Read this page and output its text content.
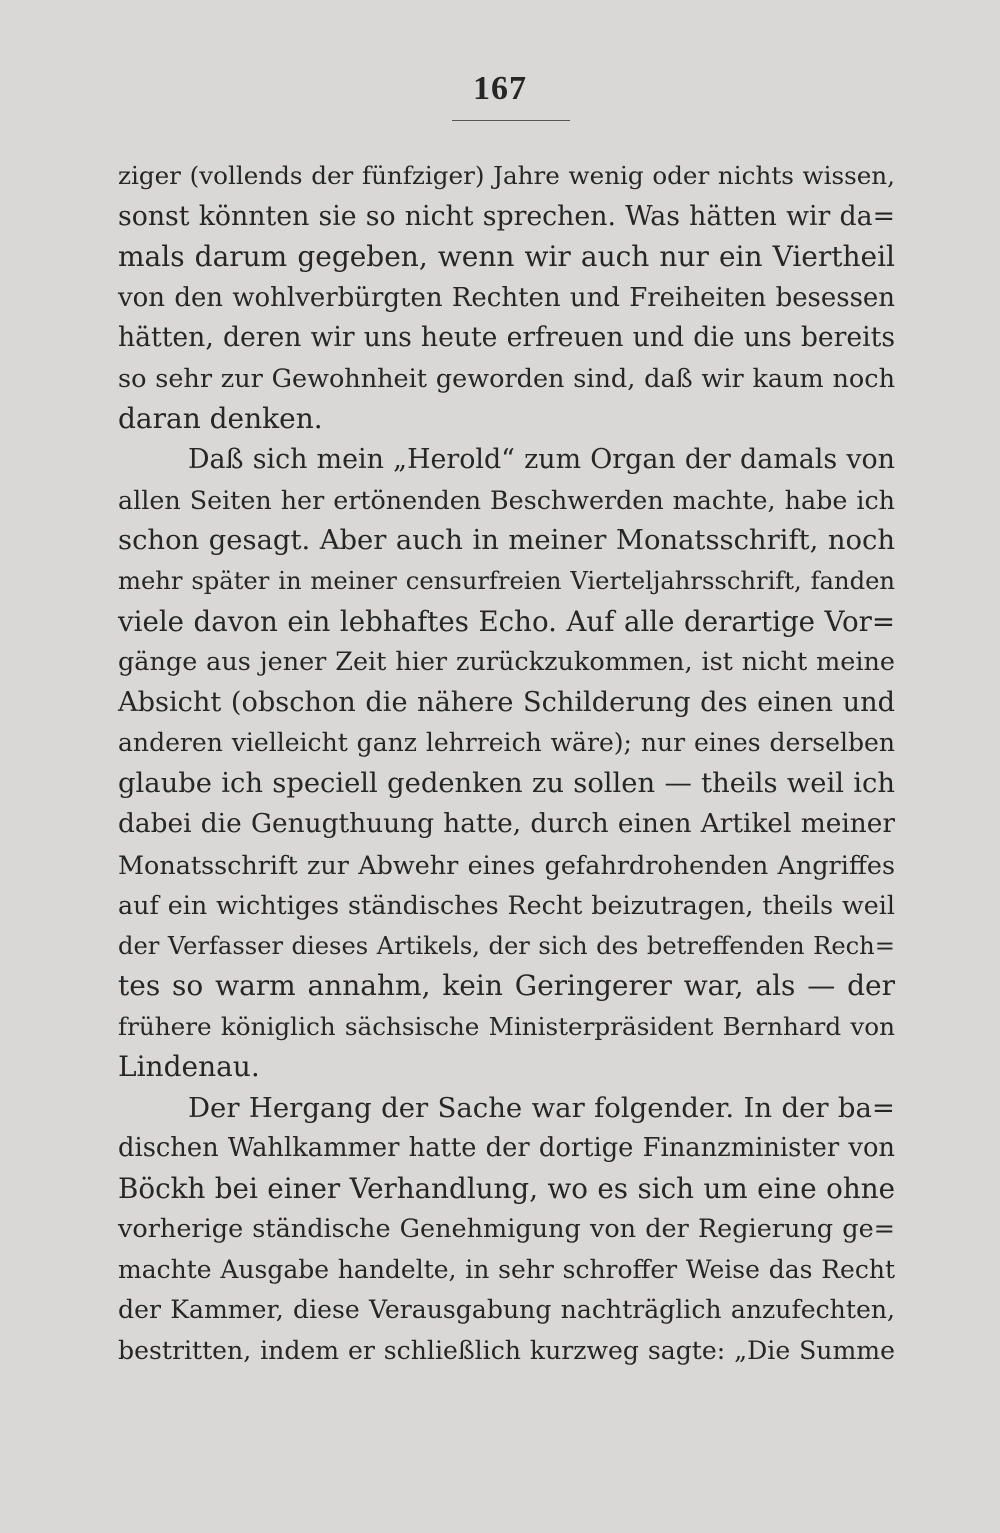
167
ziger (vollends der fünfziger) Jahre wenig oder nichts wissen,
sonst könnten sie so nicht sprechen. Was hätten wir da=
mals darum gegeben, wenn wir auch nur ein Viertheil
von den wohlverbürgten Rechten und Freiheiten besessen
hätten, deren wir uns heute erfreuen und die uns bereits
so sehr zur Gewohnheit geworden sind, daß wir kaum noch
daran denken.
Daß sich mein „Herold“ zum Organ der damals von
allen Seiten her ertönenden Beschwerden machte, habe ich
schon gesagt. Aber auch in meiner Monatsschrift, noch
mehr später in meiner censurfreien Vierteljahrsschrift, fanden
viele davon ein lebhaftes Echo. Auf alle derartige Vor=
gänge aus jener Zeit hier zurückzukommen, ist nicht meine
Absicht (obschon die nähere Schilderung des einen und
anderen vielleicht ganz lehrreich wäre); nur eines derselben
glaube ich speciell gedenken zu sollen — theils weil ich
dabei die Genugthuung hatte, durch einen Artikel meiner
Monatsschrift zur Abwehr eines gefahrdrohenden Angriffes
auf ein wichtiges ständisches Recht beizutragen, theils weil
der Verfasser dieses Artikels, der sich des betreffenden Rech=
tes so warm annahm, kein Geringerer war, als — der
frühere königlich sächsische Ministerpräsident Bernhard von
Lindenau.
Der Hergang der Sache war folgender. In der ba=
dischen Wahlkammer hatte der dortige Finanzminister von
Böckh bei einer Verhandlung, wo es sich um eine ohne
vorherige ständische Genehmigung von der Regierung ge=
machte Ausgabe handelte, in sehr schroffer Weise das Recht
der Kammer, diese Verausgabung nachträglich anzufechten,
bestritten, indem er schließlich kurzweg sagte: „Die Summe
